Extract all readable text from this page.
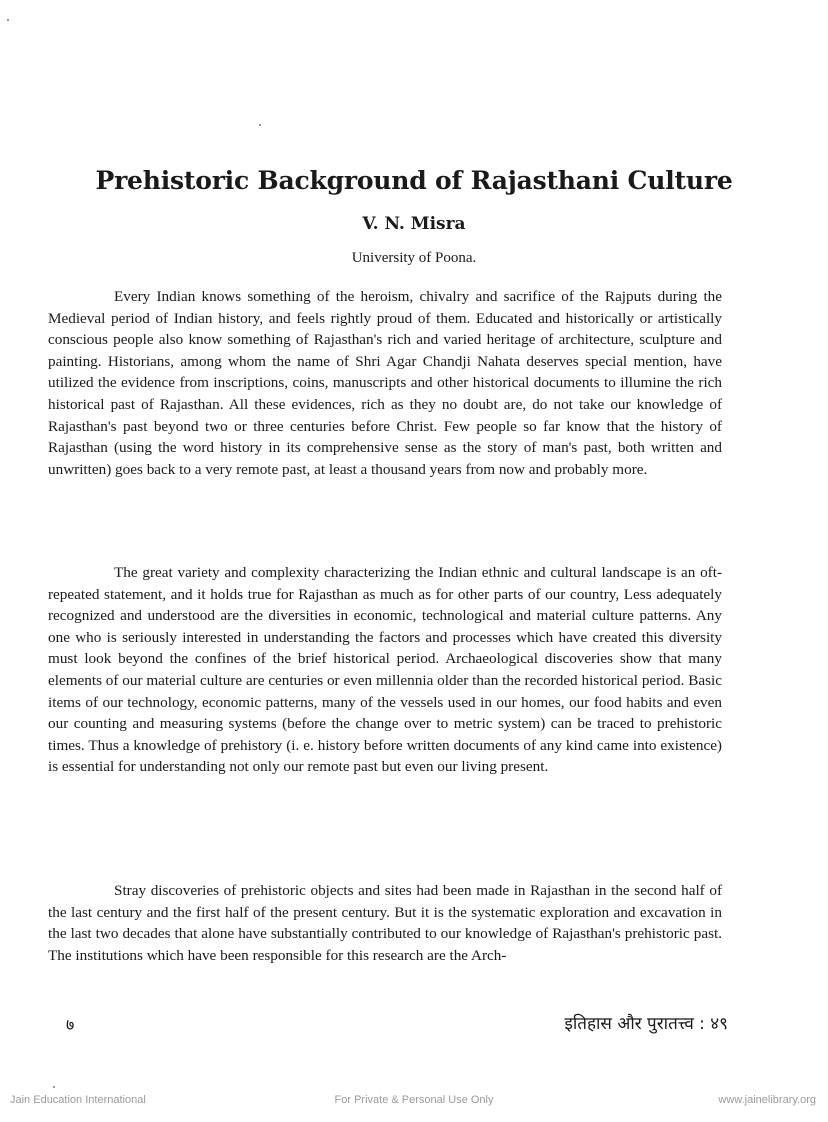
Prehistoric Background of Rajasthani Culture
V. N. Misra
University of Poona.

Every Indian knows something of the heroism, chivalry and sacrifice of the Rajputs during the Medieval period of Indian history, and feels rightly proud of them. Educated and historically or artistically conscious people also know something of Rajasthan's rich and varied heritage of architecture, sculpture and painting. Historians, among whom the name of Shri Agar Chandji Nahata deserves special mention, have utilized the evidence from inscriptions, coins, manuscripts and other historical documents to illumine the rich historical past of Rajasthan. All these evidences, rich as they no doubt are, do not take our knowledge of Rajasthan's past beyond two or three centuries before Christ. Few people so far know that the history of Rajasthan (using the word history in its comprehensive sense as the story of man's past, both written and unwritten) goes back to a very remote past, at least a thousand years from now and probably more.

The great variety and complexity characterizing the Indian ethnic and cultural landscape is an oft-repeated statement, and it holds true for Rajasthan as much as for other parts of our country, Less adequately recognized and understood are the diversities in economic, technological and material culture patterns. Any one who is seriously interested in understanding the factors and processes which have created this diversity must look beyond the confines of the brief historical period. Archaeological discoveries show that many elements of our material culture are centuries or even millennia older than the recorded historical period. Basic items of our technology, economic patterns, many of the vessels used in our homes, our food habits and even our counting and measuring systems (before the change over to metric system) can be traced to prehistoric times. Thus a knowledge of prehistory (i. e. history before written documents of any kind came into existence) is essential for understanding not only our remote past but even our living present.

Stray discoveries of prehistoric objects and sites had been made in Rajasthan in the second half of the last century and the first half of the present century. But it is the systematic exploration and excavation in the last two decades that alone have substantially contributed to our knowledge of Rajasthan's prehistoric past. The institutions which have been responsible for this research are the Arch-

७	इतिहास और पुरातत्त्व : ४९
Jain Education International	For Private & Personal Use Only	www.jainelibrary.org
